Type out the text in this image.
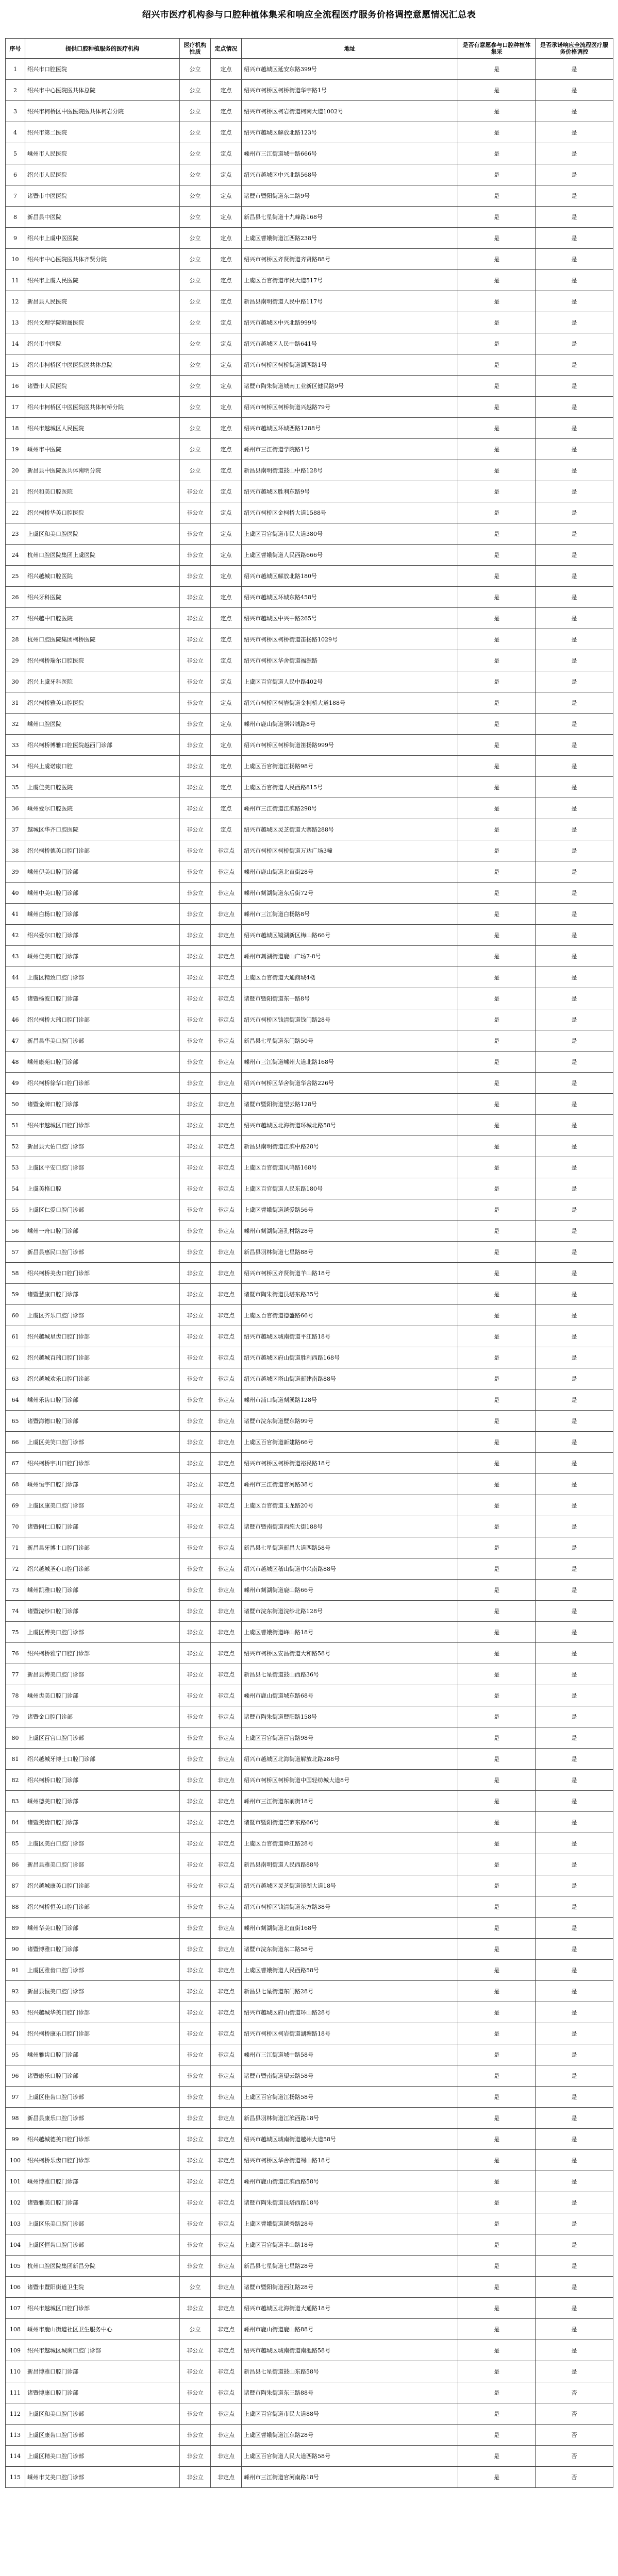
绍兴市医疗机构参与口腔种植体集采和响应全流程医疗服务价格调控意愿情况汇总表
序号	提供口腔种植服务的医疗机构	医疗机构性质	定点情况	地址	是否有意愿参与口腔种植体集采	是否承诺响应全流程医疗服务价格调控
1	绍兴市口腔医院	公立	定点	绍兴市越城区延安东路399号	是	是
2	绍兴市中心医院医共体总院	公立	定点	绍兴市柯桥区柯桥街道华宇路1号	是	是
3	绍兴市柯桥区中医医院医共体柯岩分院	公立	定点	绍兴市柯桥区柯岩街道柯南大道1002号	是	是
4	绍兴市第二医院	公立	定点	绍兴市越城区解放北路123号	是	是
5	嵊州市人民医院	公立	定点	嵊州市三江街道城中路666号	是	是
6	绍兴市人民医院	公立	定点	绍兴市越城区中兴北路568号	是	是
7	诸暨市中医医院	公立	定点	诸暨市暨阳街道东二路9号	是	是
8	新昌县中医院	公立	定点	新昌县七星街道十九峰路168号	是	是
9	绍兴市上虞中医医院	公立	定点	上虞区曹娥街道江西路238号	是	是
10	绍兴市中心医院医共体齐贤分院	公立	定点	绍兴市柯桥区齐贤街道齐贤路88号	是	是
11	绍兴市上虞人民医院	公立	定点	上虞区百官街道市民大道517号	是	是
12	新昌县人民医院	公立	定点	新昌县南明街道人民中路117号	是	是
13	绍兴文理学院附属医院	公立	定点	绍兴市越城区中兴北路999号	是	是
14	绍兴市中医院	公立	定点	绍兴市越城区人民中路641号	是	是
15	绍兴市柯桥区中医医院医共体总院	公立	定点	绍兴市柯桥区柯桥街道湖西路1号	是	是
16	诸暨市人民医院	公立	定点	诸暨市陶朱街道城南工业新区健民路9号	是	是
17	绍兴市柯桥区中医医院医共体柯桥分院	公立	定点	绍兴市柯桥区柯桥街道兴越路79号	是	是
18	绍兴市越城区人民医院	公立	定点	绍兴市越城区环城西路1288号	是	是
19	嵊州市中医院	公立	定点	嵊州市三江街道学院路1号	是	是
20	新昌县中医院医共体南明分院	公立	定点	新昌县南明街道鼓山中路128号	是	是
21	绍兴和美口腔医院	非公立	定点	绍兴市越城区胜利东路9号	是	是
22	绍兴柯桥华美口腔医院	非公立	定点	绍兴市柯桥区金柯桥大道1588号	是	是
23	上虞区和美口腔医院	非公立	定点	上虞区百官街道市民大道380号	是	是
24	杭州口腔医院集团上虞医院	非公立	定点	上虞区曹娥街道人民西路666号	是	是
25	绍兴越城口腔医院	非公立	定点	绍兴市越城区解放北路180号	是	是
26	绍兴牙科医院	非公立	定点	绍兴市越城区环城东路458号	是	是
27	绍兴越中口腔医院	非公立	定点	绍兴市越城区中兴中路265号	是	是
28	杭州口腔医院集团柯桥医院	非公立	定点	绍兴市柯桥区柯桥街道笛扬路1029号	是	是
29	绍兴柯桥瑞尔口腔医院	非公立	定点	绍兴市柯桥区华舍街道福源路	是	是
30	绍兴上虞牙科医院	非公立	定点	上虞区百官街道人民中路402号	是	是
31	绍兴柯桥雅美口腔医院	非公立	定点	绍兴市柯桥区柯岩街道金柯桥大道188号	是	是
32	嵊州口腔医院	非公立	定点	嵊州市鹿山街道领带城路8号	是	是
33	绍兴柯桥博雅口腔医院越西门诊部	非公立	定点	绍兴市柯桥区柯桥街道笛扬路999号	是	是
34	绍兴上虞诺康口腔	非公立	定点	上虞区百官街道江扬路98号	是	是
35	上虞佳美口腔医院	非公立	定点	上虞区百官街道人民西路815号	是	是
36	嵊州爱尔口腔医院	非公立	定点	嵊州市三江街道江滨路298号	是	是
37	越城区华齐口腔医院	非公立	定点	绍兴市越城区灵芝街道大寨路288号	是	是
38	绍兴柯桥德美口腔门诊部	非公立	非定点	绍兴市柯桥区柯桥街道万达广场3幢	是	是
39	嵊州伊美口腔门诊部	非公立	非定点	嵊州市鹿山街道北直街28号	是	是
40	嵊州中美口腔门诊部	非公立	非定点	嵊州市剡湖街道东后街72号	是	是
41	嵊州白杨口腔门诊部	非公立	非定点	嵊州市三江街道白杨路8号	是	是
42	绍兴爱尔口腔门诊部	非公立	非定点	绍兴市越城区镜湖新区梅山路66号	是	是
43	嵊州佳美口腔门诊部	非公立	非定点	嵊州市剡湖街道鹿山广场7-8号	是	是
44	上虞区精致口腔门诊部	非公立	非定点	上虞区百官街道大通商城4楼	是	是
45	诸暨杨波口腔门诊部	非公立	非定点	诸暨市暨阳街道东一路8号	是	是
46	绍兴柯桥大瑞口腔门诊部	非公立	非定点	绍兴市柯桥区钱清街道钱门路28号	是	是
47	新昌县华美口腔门诊部	非公立	非定点	新昌县七星街道东门路50号	是	是
48	嵊州康苑口腔门诊部	非公立	非定点	嵊州市三江街道嵊州大道北路168号	是	是
49	绍兴柯桥徐华口腔门诊部	非公立	非定点	绍兴市柯桥区华舍街道华舍路226号	是	是
50	诸暨金牌口腔门诊部	非公立	非定点	诸暨市暨阳街道望云路128号	是	是
51	绍兴市越城区口腔门诊部	非公立	非定点	绍兴市越城区北海街道环城北路58号	是	是
52	新昌县大佑口腔门诊部	非公立	非定点	新昌县南明街道江滨中路28号	是	是
53	上虞区平安口腔门诊部	非公立	非定点	上虞区百官街道凤鸣路168号	是	是
54	上虞美格口腔	非公立	非定点	上虞区百官街道人民东路180号	是	是
55	上虞区仁爱口腔门诊部	非公立	非定点	上虞区曹娥街道越爱路56号	是	是
56	嵊州一舟口腔门诊部	非公立	非定点	嵊州市剡湖街道孔村路28号	是	是
57	新昌县惠民口腔门诊部	非公立	非定点	新昌县羽林街道七星路88号	是	是
58	绍兴柯桥美齿口腔门诊部	非公立	非定点	绍兴市柯桥区齐贤街道羊山路18号	是	是
59	诸暨慧康口腔门诊部	非公立	非定点	诸暨市陶朱街道艮塔东路35号	是	是
60	上虞区齐乐口腔门诊部	非公立	非定点	上虞区百官街道德盛路66号	是	是
61	绍兴越城星齿口腔门诊部	非公立	非定点	绍兴市越城区城南街道平江路18号	是	是
62	绍兴越城百瑞口腔门诊部	非公立	非定点	绍兴市越城区府山街道胜利西路168号	是	是
63	绍兴越城欢乐口腔门诊部	非公立	非定点	绍兴市越城区塔山街道新建南路88号	是	是
64	嵊州乐齿口腔门诊部	非公立	非定点	嵊州市浦口街道剡溪路128号	是	是
65	诸暨海德口腔门诊部	非公立	非定点	诸暨市浣东街道暨东路99号	是	是
66	上虞区美笑口腔门诊部	非公立	非定点	上虞区百官街道新建路66号	是	是
67	绍兴柯桥宇川口腔门诊部	非公立	非定点	绍兴市柯桥区柯桥街道裕民路18号	是	是
68	嵊州恒宇口腔门诊部	非公立	非定点	嵊州市三江街道官河路38号	是	是
69	上虞区康美口腔门诊部	非公立	非定点	上虞区百官街道玉龙路20号	是	是
70	诸暨同仁口腔门诊部	非公立	非定点	诸暨市暨南街道西施大街188号	是	是
71	新昌县牙博士口腔门诊部	非公立	非定点	新昌县七星街道新昌大道西路58号	是	是
72	绍兴越城圣心口腔门诊部	非公立	非定点	绍兴市越城区稽山街道中兴南路88号	是	是
73	嵊州凯雅口腔门诊部	非公立	非定点	嵊州市剡湖街道鹿山路66号	是	是
74	诸暨浣纱口腔门诊部	非公立	非定点	诸暨市浣东街道浣纱北路128号	是	是
75	上虞区博美口腔门诊部	非公立	非定点	上虞区曹娥街道峰山路18号	是	是
76	绍兴柯桥雅宁口腔门诊部	非公立	非定点	绍兴市柯桥区安昌街道大和路58号	是	是
77	新昌县博美口腔门诊部	非公立	非定点	新昌县七星街道鼓山西路36号	是	是
78	嵊州齿美口腔门诊部	非公立	非定点	嵊州市鹿山街道城东路68号	是	是
79	诸暨金口腔门诊部	非公立	非定点	诸暨市陶朱街道暨阳路158号	是	是
80	上虞区百官口腔门诊部	非公立	非定点	上虞区百官街道百官路98号	是	是
81	绍兴越城牙博士口腔门诊部	非公立	非定点	绍兴市越城区北海街道解放北路288号	是	是
82	绍兴柯桥口腔门诊部	非公立	非定点	绍兴市柯桥区柯桥街道中国轻纺城大道8号	是	是
83	嵊州德美口腔门诊部	非公立	非定点	嵊州市三江街道东前街18号	是	是
84	诸暨美齿口腔门诊部	非公立	非定点	诸暨市暨阳街道苎萝东路66号	是	是
85	上虞区美白口腔门诊部	非公立	非定点	上虞区百官街道舜江路28号	是	是
86	新昌县雅美口腔门诊部	非公立	非定点	新昌县南明街道人民西路88号	是	是
87	绍兴越城康美口腔门诊部	非公立	非定点	绍兴市越城区灵芝街道镜湖大道18号	是	是
88	绍兴柯桥恒美口腔门诊部	非公立	非定点	绍兴市柯桥区钱清街道东方路38号	是	是
89	嵊州华美口腔门诊部	非公立	非定点	嵊州市剡湖街道北直街168号	是	是
90	诸暨博雅口腔门诊部	非公立	非定点	诸暨市浣东街道东二路58号	是	是
91	上虞区雅齿口腔门诊部	非公立	非定点	上虞区曹娥街道人民西路58号	是	是
92	新昌县恒美口腔门诊部	非公立	非定点	新昌县七星街道东门路28号	是	是
93	绍兴越城华美口腔门诊部	非公立	非定点	绍兴市越城区府山街道环山路28号	是	是
94	绍兴柯桥康乐口腔门诊部	非公立	非定点	绍兴市柯桥区柯岩街道湖塘路18号	是	是
95	嵊州雅齿口腔门诊部	非公立	非定点	嵊州市三江街道城中路58号	是	是
96	诸暨康乐口腔门诊部	非公立	非定点	诸暨市暨南街道望云路58号	是	是
97	上虞区佳齿口腔门诊部	非公立	非定点	上虞区百官街道江扬路58号	是	是
98	新昌县康乐口腔门诊部	非公立	非定点	新昌县羽林街道江滨西路18号	是	是
99	绍兴越城德美口腔门诊部	非公立	非定点	绍兴市越城区城南街道越州大道58号	是	是
100	绍兴柯桥乐齿口腔门诊部	非公立	非定点	绍兴市柯桥区华舍街道蜀山路18号	是	是
101	嵊州博雅口腔门诊部	非公立	非定点	嵊州市鹿山街道江滨西路58号	是	是
102	诸暨雅美口腔门诊部	非公立	非定点	诸暨市陶朱街道艮塔西路18号	是	是
103	上虞区乐美口腔门诊部	非公立	非定点	上虞区曹娥街道越秀路28号	是	是
104	上虞区恒齿口腔门诊部	非公立	非定点	上虞区百官街道半山路18号	是	是
105	杭州口腔医院集团新昌分院	非公立	非定点	新昌县七星街道七星路28号	是	是
106	诸暨市暨阳街道卫生院	公立	非定点	诸暨市暨阳街道西江路28号	是	是
107	绍兴市越城区口腔门诊部	非公立	非定点	绍兴市越城区北海街道大通路18号	是	是
108	嵊州市鹿山街道社区卫生服务中心	公立	非定点	嵊州市鹿山街道鹿山路88号	是	是
109	绍兴市越城区城南口腔门诊部	非公立	非定点	绍兴市越城区城南街道南池路58号	是	是
110	新昌博雅口腔门诊部	非公立	非定点	新昌县七星街道鼓山东路58号	是	是
111	诸暨博康口腔门诊部	非公立	非定点	诸暨市陶朱街道东三路88号	是	否
112	上虞区和美口腔门诊部	非公立	非定点	上虞区百官街道市民大道88号	是	否
113	上虞区康齿口腔门诊部	非公立	非定点	上虞区曹娥街道江东路28号	是	否
114	上虞区精美口腔门诊部	非公立	非定点	上虞区百官街道人民大道西路58号	是	否
115	嵊州市艾美口腔门诊部	非公立	非定点	嵊州市三江街道官河南路18号	是	否
